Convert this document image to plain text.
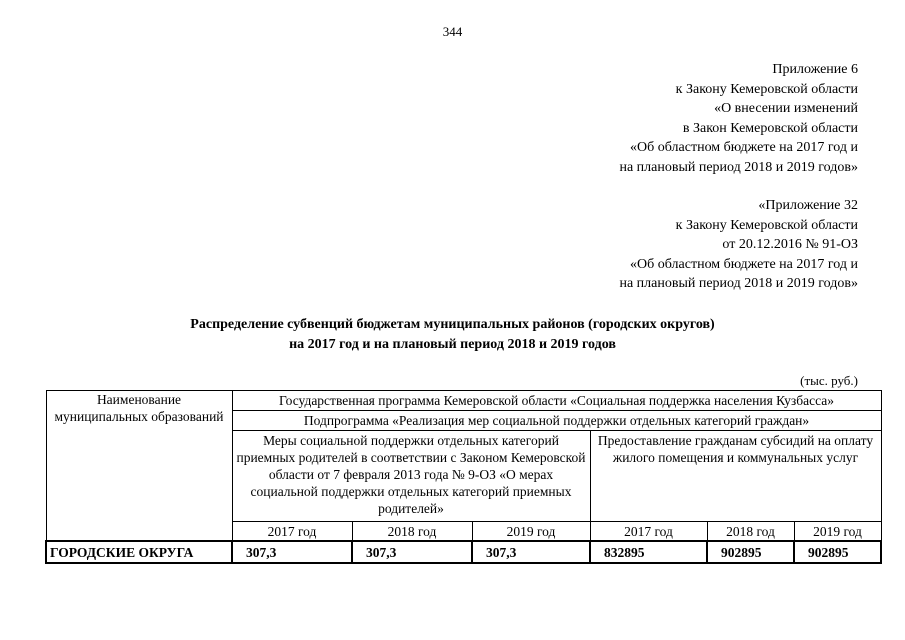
344
Приложение 6
к Закону Кемеровской области
«О внесении изменений
в Закон Кемеровской области
«Об областном бюджете на 2017 год и
на плановый период 2018 и 2019 годов»
«Приложение 32
к Закону Кемеровской области
от 20.12.2016 № 91-ОЗ
«Об областном бюджете на 2017 год и
на плановый период 2018 и 2019 годов»
Распределение субвенций бюджетам муниципальных районов (городских округов)
на 2017 год и на плановый период 2018 и 2019 годов
(тыс. руб.)
Наименование муниципальных образований	Государственная программа Кемеровской области «Социальная поддержка населения Кузбасса»					
	Подпрограмма «Реализация мер социальной поддержки отдельных категорий граждан»					
	Меры социальной поддержки отдельных категорий приемных родителей в соответствии с Законом Кемеровской области от 7 февраля 2013 года № 9-ОЗ «О мерах социальной поддержки отдельных категорий приемных родителей»			Предоставление гражданам субсидий на оплату жилого помещения и коммунальных услуг		
	2017 год	2018 год	2019 год	2017 год	2018 год	2019 год
ГОРОДСКИЕ ОКРУГА	307,3	307,3	307,3	832895	902895	902895
